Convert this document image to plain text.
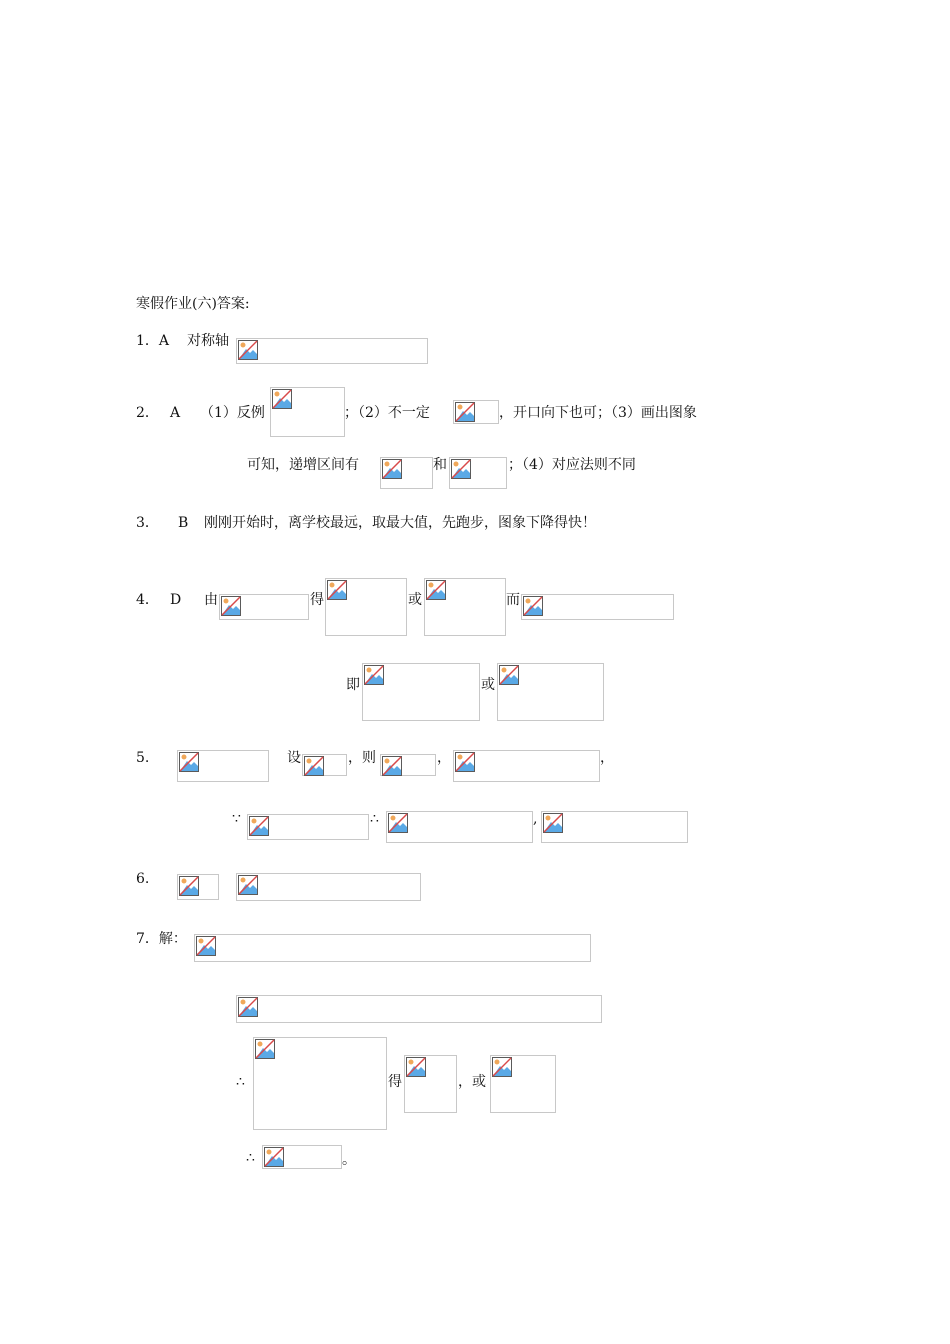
寒假作业(六)答案:
1．A 对称轴
2． A （1）反例	；（2）不一定	，开口向下也可；（3）画出图象
可知，递增区间有	和	；（4）对应法则不同
3． B 刚刚开始时，离学校最远，取最大值，先跑步，图象下降得快！
4． D 由	得	或	而
即	或
5.	设	，则	，	，
∵	∴	,
6.
7．解：
∴	得	，或
∴	。
